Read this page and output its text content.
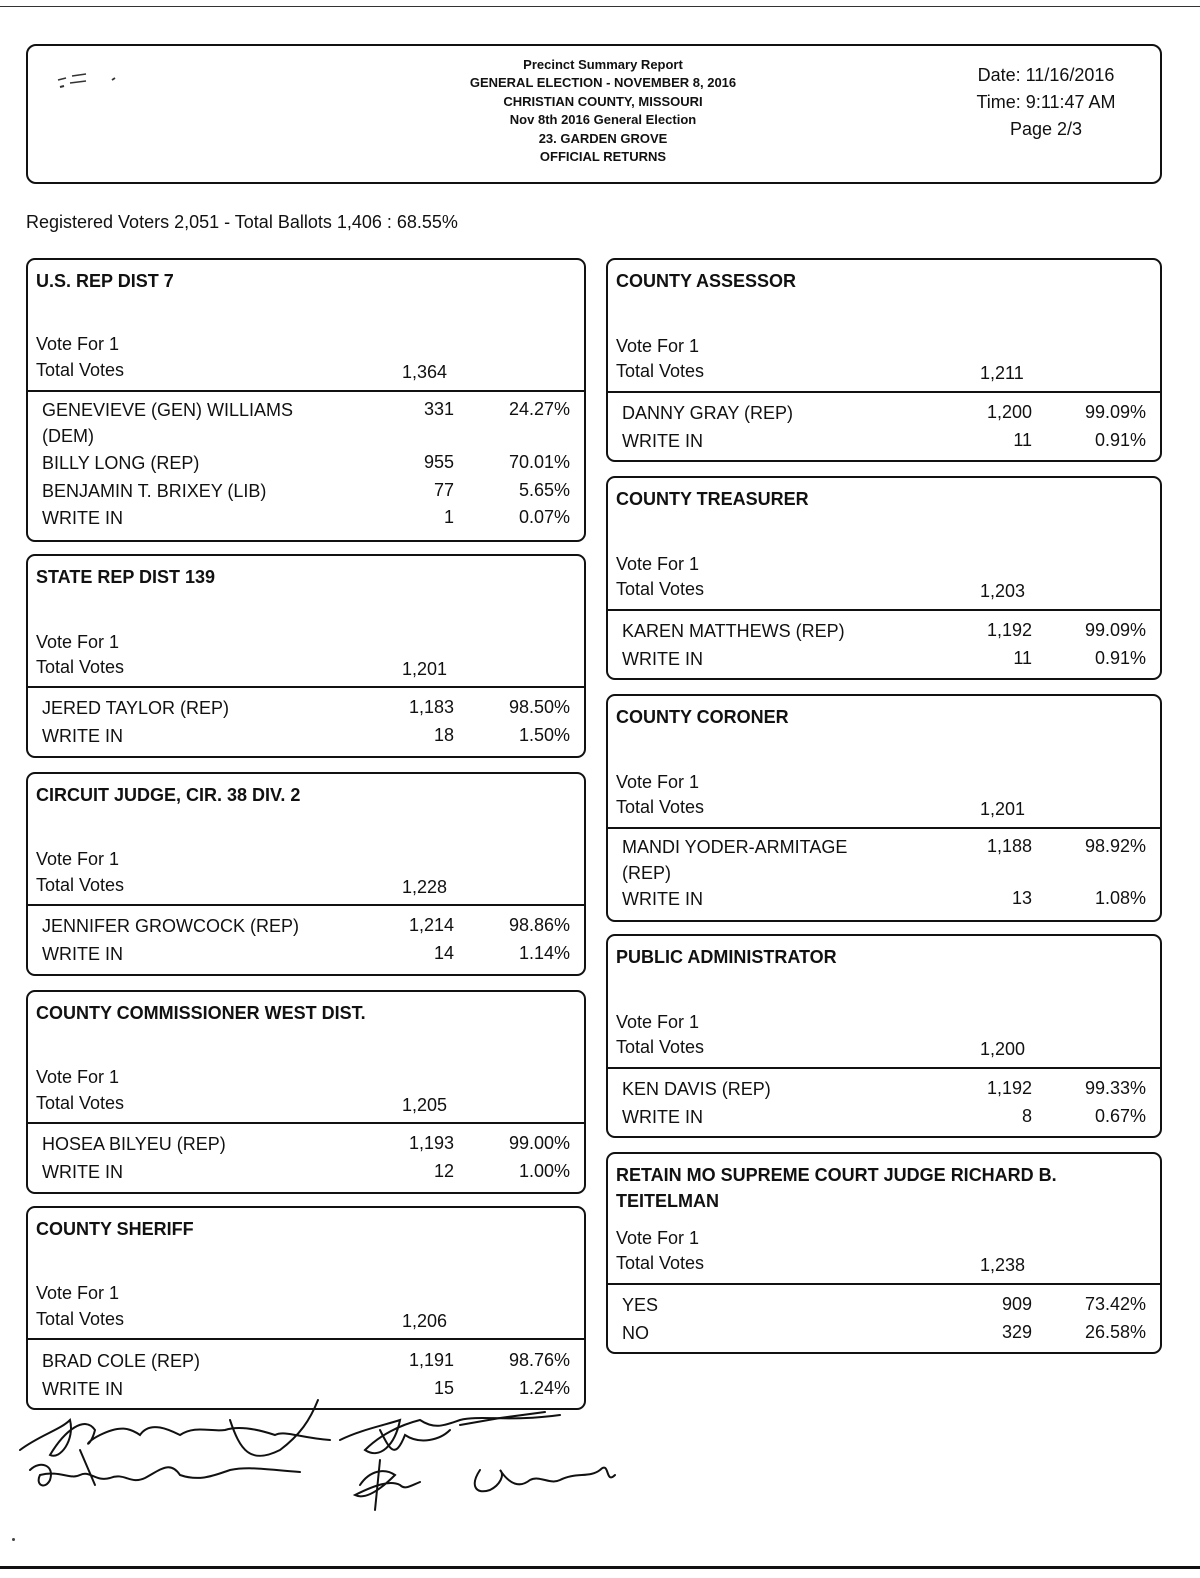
Precinct Summary Report
GENERAL ELECTION - NOVEMBER 8, 2016
CHRISTIAN COUNTY, MISSOURI
Nov 8th 2016 General Election
23. GARDEN GROVE
OFFICIAL RETURNS
Date: 11/16/2016
Time: 9:11:47 AM
Page 2/3
Registered Voters 2,051 - Total Ballots 1,406 : 68.55%
U.S. REP DIST 7
Vote For 1
Total Votes	1,364
GENEVIEVE (GEN) WILLIAMS
(DEM)
331	24.27%
BILLY LONG (REP)	955	70.01%
BENJAMIN T. BRIXEY (LIB)	77	5.65%
WRITE IN	1	0.07%
STATE REP DIST 139
Vote For 1
Total Votes	1,201
JERED TAYLOR (REP)	1,183	98.50%
WRITE IN	18	1.50%
CIRCUIT JUDGE, CIR. 38 DIV. 2
Vote For 1
Total Votes	1,228
JENNIFER GROWCOCK (REP)	1,214	98.86%
WRITE IN	14	1.14%
COUNTY COMMISSIONER WEST DIST.
Vote For 1
Total Votes	1,205
HOSEA BILYEU (REP)	1,193	99.00%
WRITE IN	12	1.00%
COUNTY SHERIFF
Vote For 1
Total Votes	1,206
BRAD COLE (REP)	1,191	98.76%
WRITE IN	15	1.24%
COUNTY ASSESSOR
Vote For 1
Total Votes	1,211
DANNY GRAY (REP)	1,200	99.09%
WRITE IN	11	0.91%
COUNTY TREASURER
Vote For 1
Total Votes	1,203
KAREN MATTHEWS (REP)	1,192	99.09%
WRITE IN	11	0.91%
COUNTY CORONER
Vote For 1
Total Votes	1,201
MANDI YODER-ARMITAGE
(REP)
1,188	98.92%
WRITE IN	13	1.08%
PUBLIC ADMINISTRATOR
Vote For 1
Total Votes	1,200
KEN DAVIS (REP)	1,192	99.33%
WRITE IN	8	0.67%
RETAIN MO SUPREME COURT JUDGE RICHARD B.
TEITELMAN
Vote For 1
Total Votes	1,238
YES	909	73.42%
NO	329	26.58%
